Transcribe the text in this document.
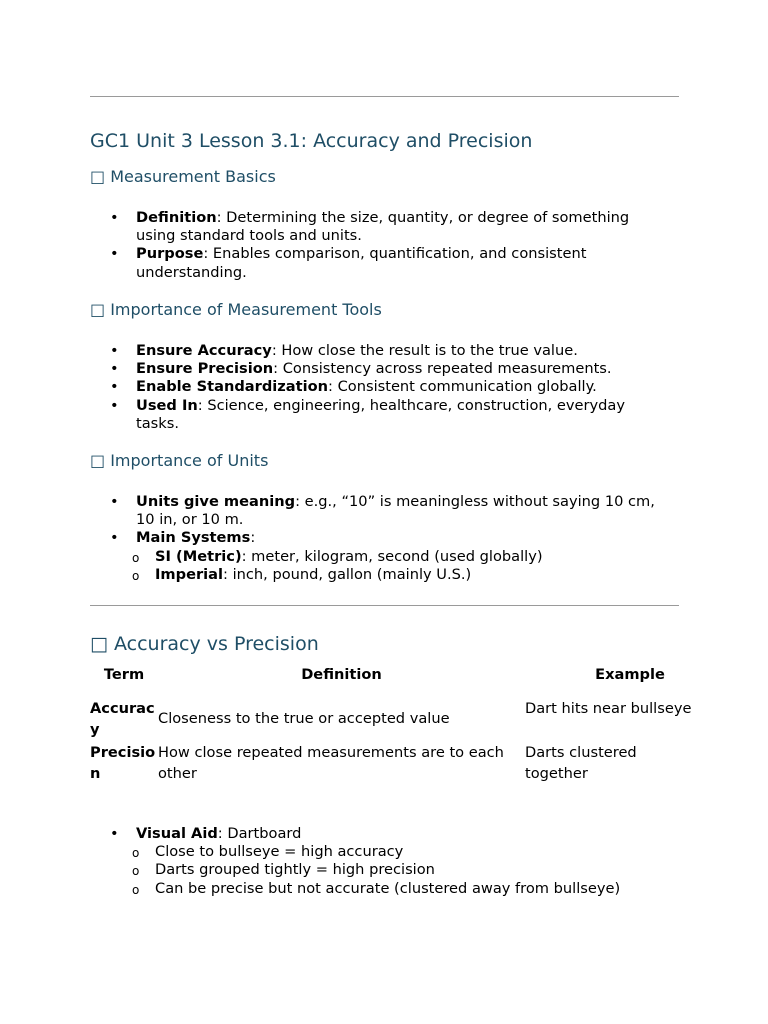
GC1 Unit 3 Lesson 3.1: Accuracy and Precision
□ Measurement Basics
• Definition: Determining the size, quantity, or degree of something using standard tools and units.
• Purpose: Enables comparison, quantification, and consistent understanding.
□ Importance of Measurement Tools
• Ensure Accuracy: How close the result is to the true value.
• Ensure Precision: Consistency across repeated measurements.
• Enable Standardization: Consistent communication globally.
• Used In: Science, engineering, healthcare, construction, everyday tasks.
□ Importance of Units
• Units give meaning: e.g., “10” is meaningless without saying 10 cm, 10 in, or 10 m.
• Main Systems:
o SI (Metric): meter, kilogram, second (used globally)
o Imperial: inch, pound, gallon (mainly U.S.)
□ Accuracy vs Precision
Term	Definition	Example
Accuracy	Closeness to the true or accepted value	Dart hits near bullseye
Precision	How close repeated measurements are to each other	Darts clustered together
• Visual Aid: Dartboard
o Close to bullseye = high accuracy
o Darts grouped tightly = high precision
o Can be precise but not accurate (clustered away from bullseye)
